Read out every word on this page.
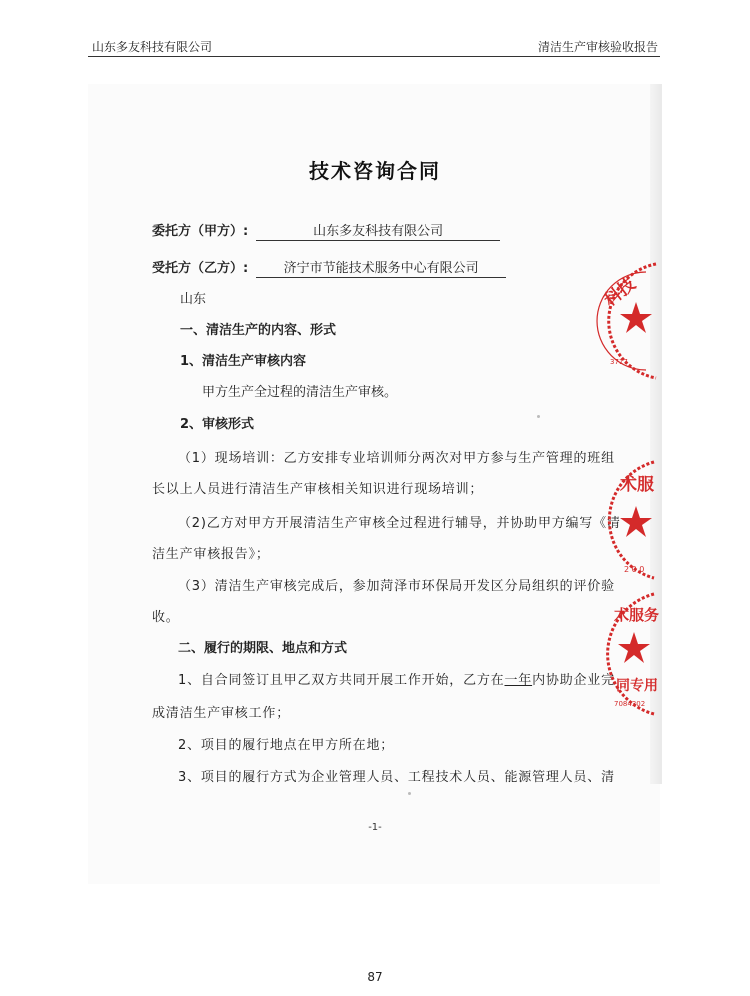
山东多友科技有限公司	清洁生产审核验收报告
技术咨询合同
委托方（甲方）:	山东多友科技有限公司
受托方（乙方）:	济宁市节能技术服务中心有限公司
山东
一、清洁生产的内容、形式
1、清洁生产审核内容
甲方生产全过程的清洁生产审核。
2、审核形式
（1）现场培训：乙方安排专业培训师分两次对甲方参与生产管理的班组
长以上人员进行清洁生产审核相关知识进行现场培训；
（2)乙方对甲方开展清洁生产审核全过程进行辅导，并协助甲方编写《清
洁生产审核报告》；
（3）清洁生产审核完成后，参加菏泽市环保局开发区分局组织的评价验
收。
二、履行的期限、地点和方式
1、自合同签订且甲乙双方共同开展工作开始，乙方在一年内协助企业完
成清洁生产审核工作；
2、项目的履行地点在甲方所在地；
3、项目的履行方式为企业管理人员、工程技术人员、能源管理人员、清
-1-
87
科技
3717
术服
2 0 0
术服务
同专用
7084302
